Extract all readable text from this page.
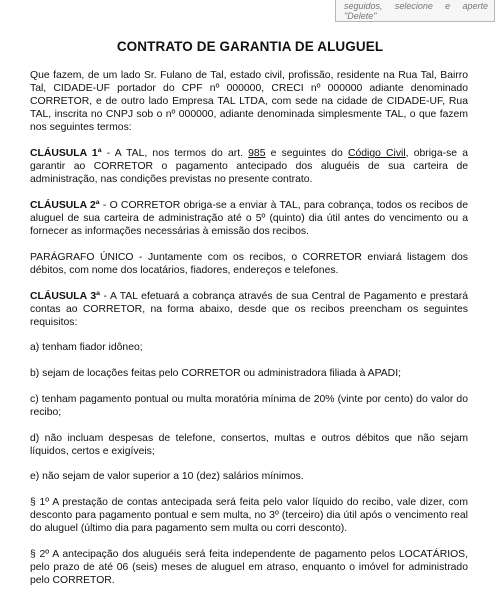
seguidos, selecione e aperte
"Delete"
CONTRATO DE GARANTIA DE ALUGUEL

Que fazem, de um lado Sr. Fulano de Tal, estado civil, profissão, residente na Rua Tal, Bairro Tal, CIDADE-UF portador do CPF nº 000000, CRECI nº 000000 adiante denominado CORRETOR, e de outro lado Empresa TAL LTDA, com sede na cidade de CIDADE-UF, Rua TAL, inscrita no CNPJ sob o nº 000000, adiante denominada simplesmente TAL, o que fazem nos seguintes termos:

CLÁUSULA 1ª - A TAL, nos termos do art. 985 e seguintes do Código Civil, obriga-se a garantir ao CORRETOR o pagamento antecipado dos aluguéis de sua carteira de administração, nas condições previstas no presente contrato.

CLÁUSULA 2ª - O CORRETOR obriga-se a enviar à TAL, para cobrança, todos os recibos de aluguel de sua carteira de administração até o 5º (quinto) dia útil antes do vencimento ou a fornecer as informações necessárias à emissão dos recibos.

PARÁGRAFO ÚNICO - Juntamente com os recibos, o CORRETOR enviará listagem dos débitos, com nome dos locatários, fiadores, endereços e telefones.

CLÁUSULA 3ª - A TAL efetuará a cobrança através de sua Central de Pagamento e prestará contas ao CORRETOR, na forma abaixo, desde que os recibos preencham os seguintes requisitos:

a) tenham fiador idôneo;

b) sejam de locações feitas pelo CORRETOR ou administradora filiada à APADI;

c) tenham pagamento pontual ou multa moratória mínima de 20% (vinte por cento) do valor do recibo;

d) não incluam despesas de telefone, consertos, multas e outros débitos que não sejam líquidos, certos e exigíveis;

e) não sejam de valor superior a 10 (dez) salários mínimos.

§ 1º A prestação de contas antecipada será feita pelo valor líquido do recibo, vale dizer, com desconto para pagamento pontual e sem multa, no 3º (terceiro) dia útil após o vencimento real do aluguel (último dia para pagamento sem multa ou corri desconto).

§ 2º A antecipação dos aluguéis será feita independente de pagamento pelos LOCATÁRIOS, pelo prazo de até 06 (seis) meses de aluguel em atraso, enquanto o imóvel for administrado pelo CORRETOR.
